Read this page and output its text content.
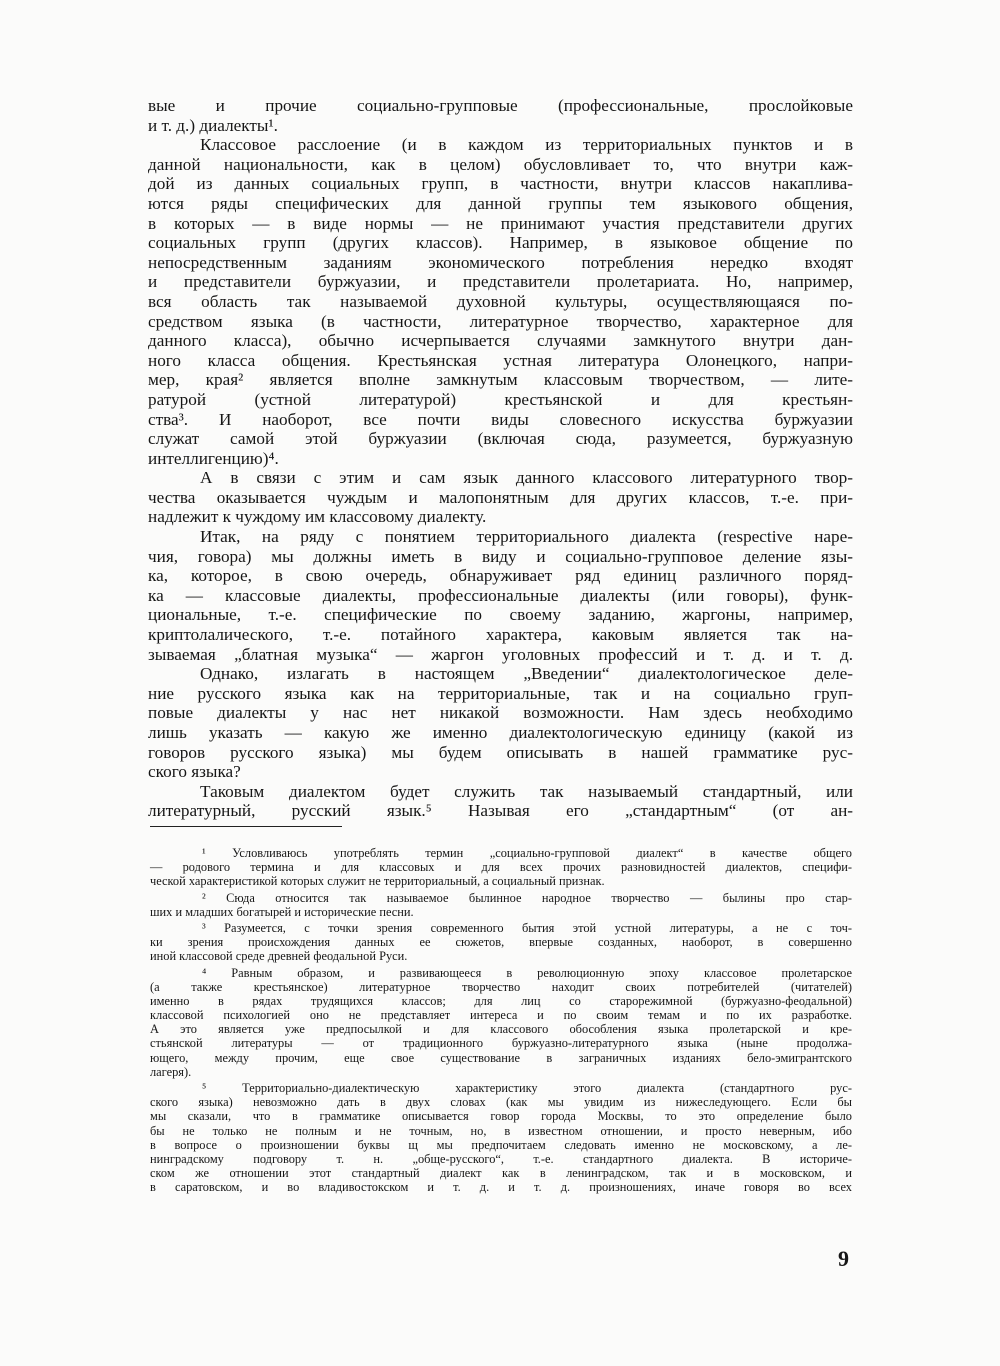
вые и прочие социально-групповые (профессиональные, прослойковые
и т. д.) диалекты¹.
Классовое расслоение (и в каждом из территориальных пунктов и в
данной национальности, как в целом) обусловливает то, что внутри каж-
дой из данных социальных групп, в частности, внутри классов накаплива-
ются ряды специфических для данной группы тем языкового общения,
в которых — в виде нормы — не принимают участия представители других
социальных групп (других классов). Например, в языковое общение по
непосредственным заданиям экономического потребления нередко входят
и представители буржуазии, и представители пролетариата. Но, например,
вся область так называемой духовной культуры, осуществляющаяся по-
средством языка (в частности, литературное творчество, характерное для
данного класса), обычно исчерпывается случаями замкнутого внутри дан-
ного класса общения. Крестьянская устная литература Олонецкого, напри-
мер, края² является вполне замкнутым классовым творчеством, — лите-
ратурой (устной литературой) крестьянской и для крестьян-
ства³. И наоборот, все почти виды словесного искусства буржуазии
служат самой этой буржуазии (включая сюда, разумеется, буржуазную
интеллигенцию)⁴.
А в связи с этим и сам язык данного классового литературного твор-
чества оказывается чуждым и малопонятным для других классов, т.-е. при-
надлежит к чуждому им классовому диалекту.
Итак, на ряду с понятием территориального диалекта (respective наре-
чия, говора) мы должны иметь в виду и социально-групповое деление язы-
ка, которое, в свою очередь, обнаруживает ряд единиц различного поряд-
ка — классовые диалекты, профессиональные диалекты (или говоры), функ-
циональные, т.-е. специфические по своему заданию, жаргоны, например,
криптолалического, т.-е. потайного характера, каковым является так на-
зываемая „блатная музыка“ — жаргон уголовных профессий и т. д. и т. д.
Однако, излагать в настоящем „Введении“ диалектологическое деле-
ние русского языка как на территориальные, так и на социально груп-
повые диалекты у нас нет никакой возможности. Нам здесь необходимо
лишь указать — какую же именно диалектологическую единицу (какой из
говоров русского языка) мы будем описывать в нашей грамматике рус-
ского языка?
Таковым диалектом будет служить так называемый стандартный, или
литературный, русский язык.⁵ Называя его „стандартным“ (от ан-
¹ Условливаюсь употреблять термин „социально-групповой диалект“ в качестве общего
— родового термина и для классовых и для всех прочих разновидностей диалектов, специфи-
ческой характеристикой которых служит не территориальный, а социальный признак.
² Сюда относится так называемое былинное народное творчество — былины про стар-
ших и младших богатырей и исторические песни.
³ Разумеется, с точки зрения современного бытия этой устной литературы, а не с точ-
ки зрения происхождения данных ее сюжетов, впервые созданных, наоборот, в совершенно
иной классовой среде древней феодальной Руси.
⁴ Равным образом, и развивающееся в революционную эпоху классовое пролетарское
(а также крестьянское) литературное творчество находит своих потребителей (читателей)
именно в рядах трудящихся классов; для лиц со старорежимной (буржуазно-феодальной)
классовой психологией оно не представляет интереса и по своим темам и по их разработке.
А это является уже предпосылкой и для классового обособления языка пролетарской и кре-
стьянской литературы — от традиционного буржуазно-литературного языка (ныне продолжа-
ющего, между прочим, еще свое существование в заграничных изданиях бело-эмигрантского
лагеря).
⁵ Территориально-диалектическую характеристику этого диалекта (стандартного рус-
ского языка) невозможно дать в двух словах (как мы увидим из нижеследующего. Если бы
мы сказали, что в грамматике описывается говор города Москвы, то это определение было
бы не только не полным и не точным, но, в известном отношении, и просто неверным, ибо
в вопросе о произношении буквы щ мы предпочитаем следовать именно не московскому, а ле-
нинградскому подговору т. н. „обще-русского“, т.-е. стандартного диалекта. В историче-
ском же отношении этот стандартный диалект как в ленинградском, так и в московском, и
в саратовском, и во владивостокском и т. д. и т. д. произношениях, иначе говоря во всех
9
